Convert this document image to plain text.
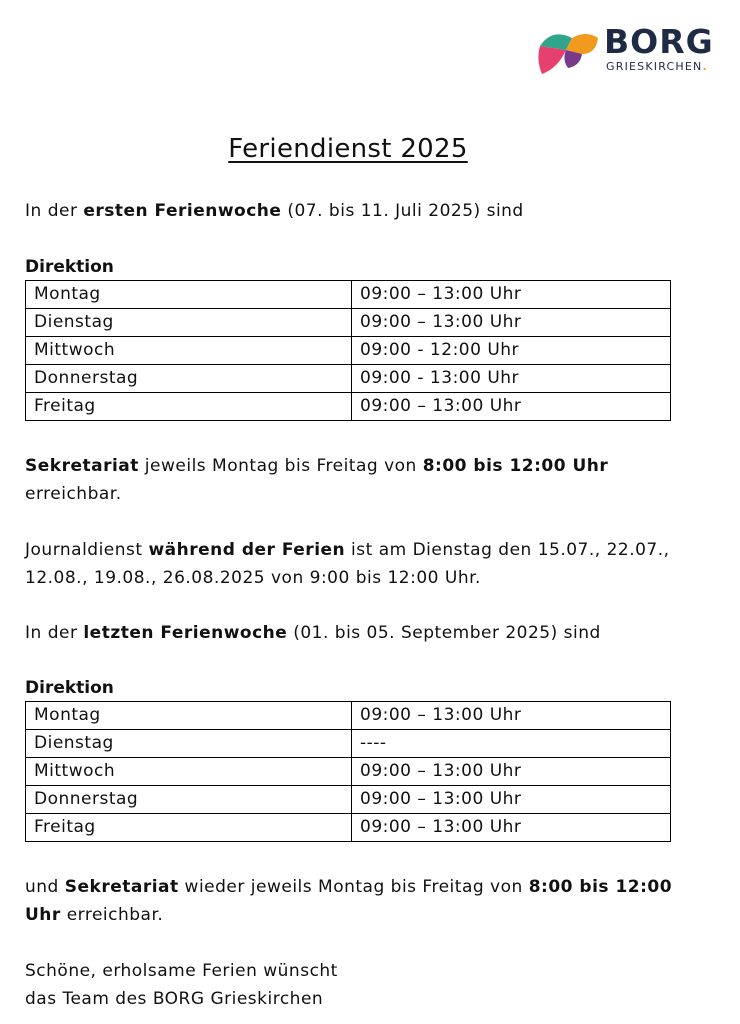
BORG
GRIESKIRCHEN.
Feriendienst 2025
In der ersten Ferienwoche (07. bis 11. Juli 2025) sind
Direktion
Montag	09:00 – 13:00 Uhr
Dienstag	09:00 – 13:00 Uhr
Mittwoch	09:00 - 12:00 Uhr
Donnerstag	09:00 - 13:00 Uhr
Freitag	09:00 – 13:00 Uhr
Sekretariat jeweils Montag bis Freitag von 8:00 bis 12:00 Uhr erreichbar.
Journaldienst während der Ferien ist am Dienstag den 15.07., 22.07., 12.08., 19.08., 26.08.2025 von 9:00 bis 12:00 Uhr.
In der letzten Ferienwoche (01. bis 05. September 2025) sind
Direktion
Montag	09:00 – 13:00 Uhr
Dienstag	----
Mittwoch	09:00 – 13:00 Uhr
Donnerstag	09:00 – 13:00 Uhr
Freitag	09:00 – 13:00 Uhr
und Sekretariat wieder jeweils Montag bis Freitag von 8:00 bis 12:00 Uhr erreichbar.
Schöne, erholsame Ferien wünscht
das Team des BORG Grieskirchen
